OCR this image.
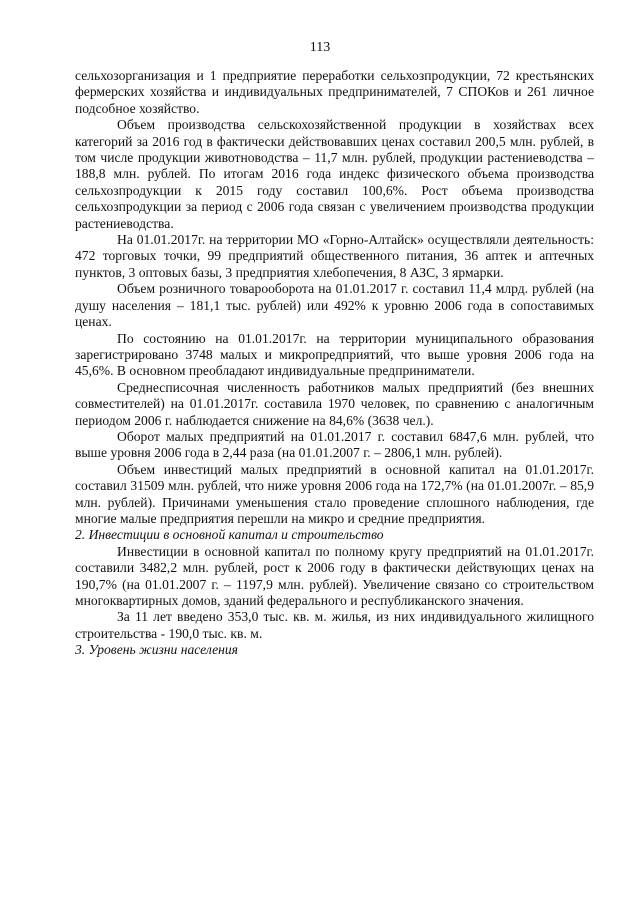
113

сельхозорганизация и 1 предприятие переработки сельхозпродукции, 72 крестьянских фермерских хозяйства и индивидуальных предпринимателей, 7 СПОКов и 261 личное подсобное хозяйство.

Объем производства сельскохозяйственной продукции в хозяйствах всех категорий за 2016 год в фактически действовавших ценах составил 200,5 млн. рублей, в том числе продукции животноводства – 11,7 млн. рублей, продукции растениеводства – 188,8 млн. рублей. По итогам 2016 года индекс физического объема производства сельхозпродукции к 2015 году составил 100,6%. Рост объема производства сельхозпродукции за период с 2006 года связан с увеличением производства продукции растениеводства.

На 01.01.2017г. на территории МО «Горно-Алтайск» осуществляли деятельность: 472 торговых точки, 99 предприятий общественного питания, 36 аптек и аптечных пунктов, 3 оптовых базы, 3 предприятия хлебопечения, 8 АЗС, 3 ярмарки.

Объем розничного товарооборота на 01.01.2017 г. составил 11,4 млрд. рублей (на душу населения – 181,1 тыс. рублей) или 492% к уровню 2006 года в сопоставимых ценах.

По состоянию на 01.01.2017г. на территории муниципального образования зарегистрировано 3748 малых и микропредприятий, что выше уровня 2006 года на 45,6%. В основном преобладают индивидуальные предприниматели.

Среднесписочная численность работников малых предприятий (без внешних совместителей) на 01.01.2017г. составила 1970 человек, по сравнению с аналогичным периодом 2006 г. наблюдается снижение на 84,6% (3638 чел.).

Оборот малых предприятий на 01.01.2017 г. составил 6847,6 млн. рублей, что выше уровня 2006 года в 2,44 раза (на 01.01.2007 г. – 2806,1 млн. рублей).

Объем инвестиций малых предприятий в основной капитал на 01.01.2017г. составил 31509 млн. рублей, что ниже уровня 2006 года на 172,7% (на 01.01.2007г. – 85,9 млн. рублей). Причинами уменьшения стало проведение сплошного наблюдения, где многие малые предприятия перешли на микро и средние предприятия.

2. Инвестиции в основной капитал и строительство

Инвестиции в основной капитал по полному кругу предприятий на 01.01.2017г. составили 3482,2 млн. рублей, рост к 2006 году в фактически действующих ценах на 190,7% (на 01.01.2007 г. – 1197,9 млн. рублей). Увеличение связано со строительством многоквартирных домов, зданий федерального и республиканского значения.

За 11 лет введено 353,0 тыс. кв. м. жилья, из них индивидуального жилищного строительства - 190,0 тыс. кв. м.

3. Уровень жизни населения
